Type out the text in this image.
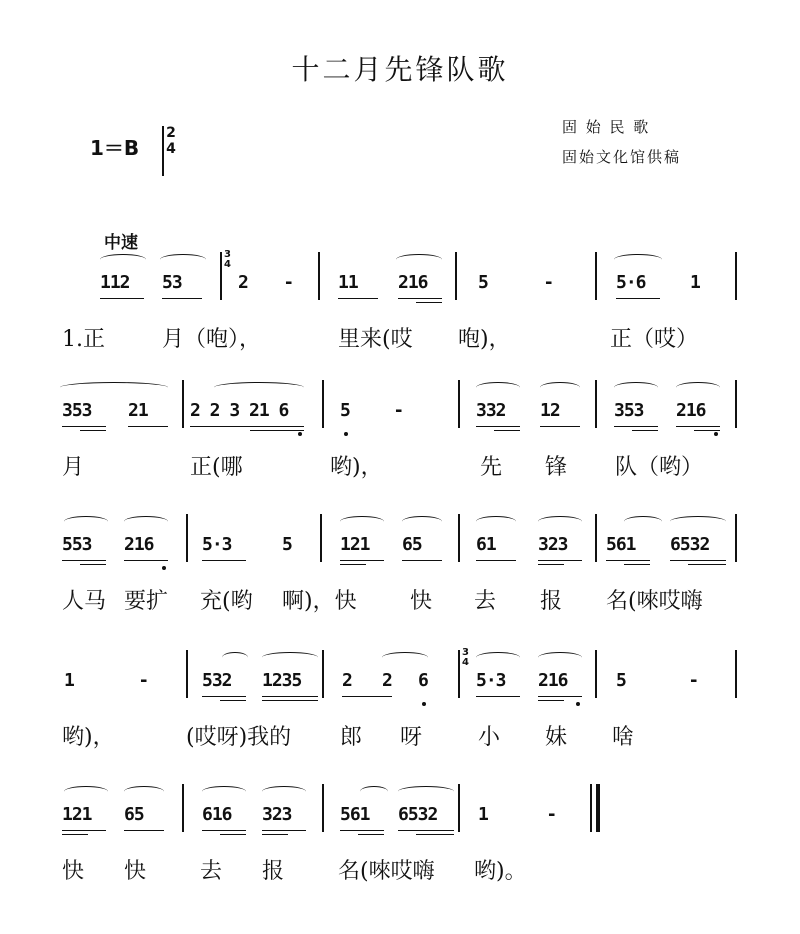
十二月先锋队歌
1＝B
2
4
固 始 民 歌
固始文化馆供稿
中速
112 53
3
4
2 -	11 216	5	-	5·6 1
1.正	月（咆），	里来(哎 咆)，	正（哎）
353 21 2 2 3 21 6	5	-	332 12	353 216
月	正(哪	哟)，	先 锋 队（哟）
553 216	5·3	5	121 65	61 323 561 6532
人马 要扩 充(哟 啊)，快 快 去 报 名(唻哎嗨
1	-	532 1235 2 2 6
3
4
5·3 216	5	-
哟)，	(哎呀)我的 郎 呀	小 妹 啥
121 65	616 323	561 6532 1	-
快 快 去 报 名(唻哎嗨 哟)。
